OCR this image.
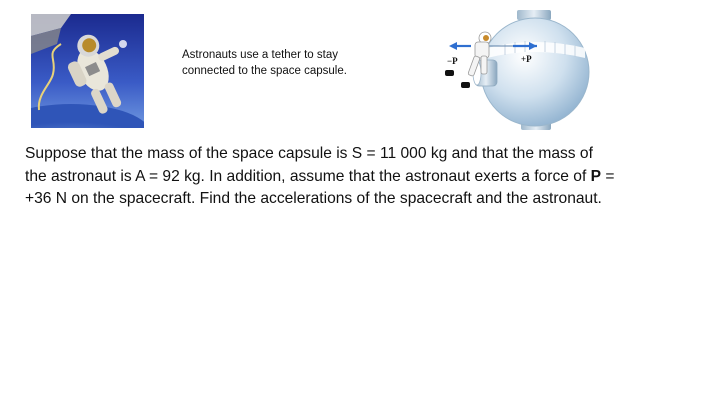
Astronauts use a tether to stay connected to the space capsule.
−P	+P
Suppose that the mass of the space capsule is S = 11 000 kg and that the mass of the astronaut is A = 92 kg. In addition, assume that the astronaut exerts a force of P = +36 N on the spacecraft. Find the accelerations of the spacecraft and the astronaut.
